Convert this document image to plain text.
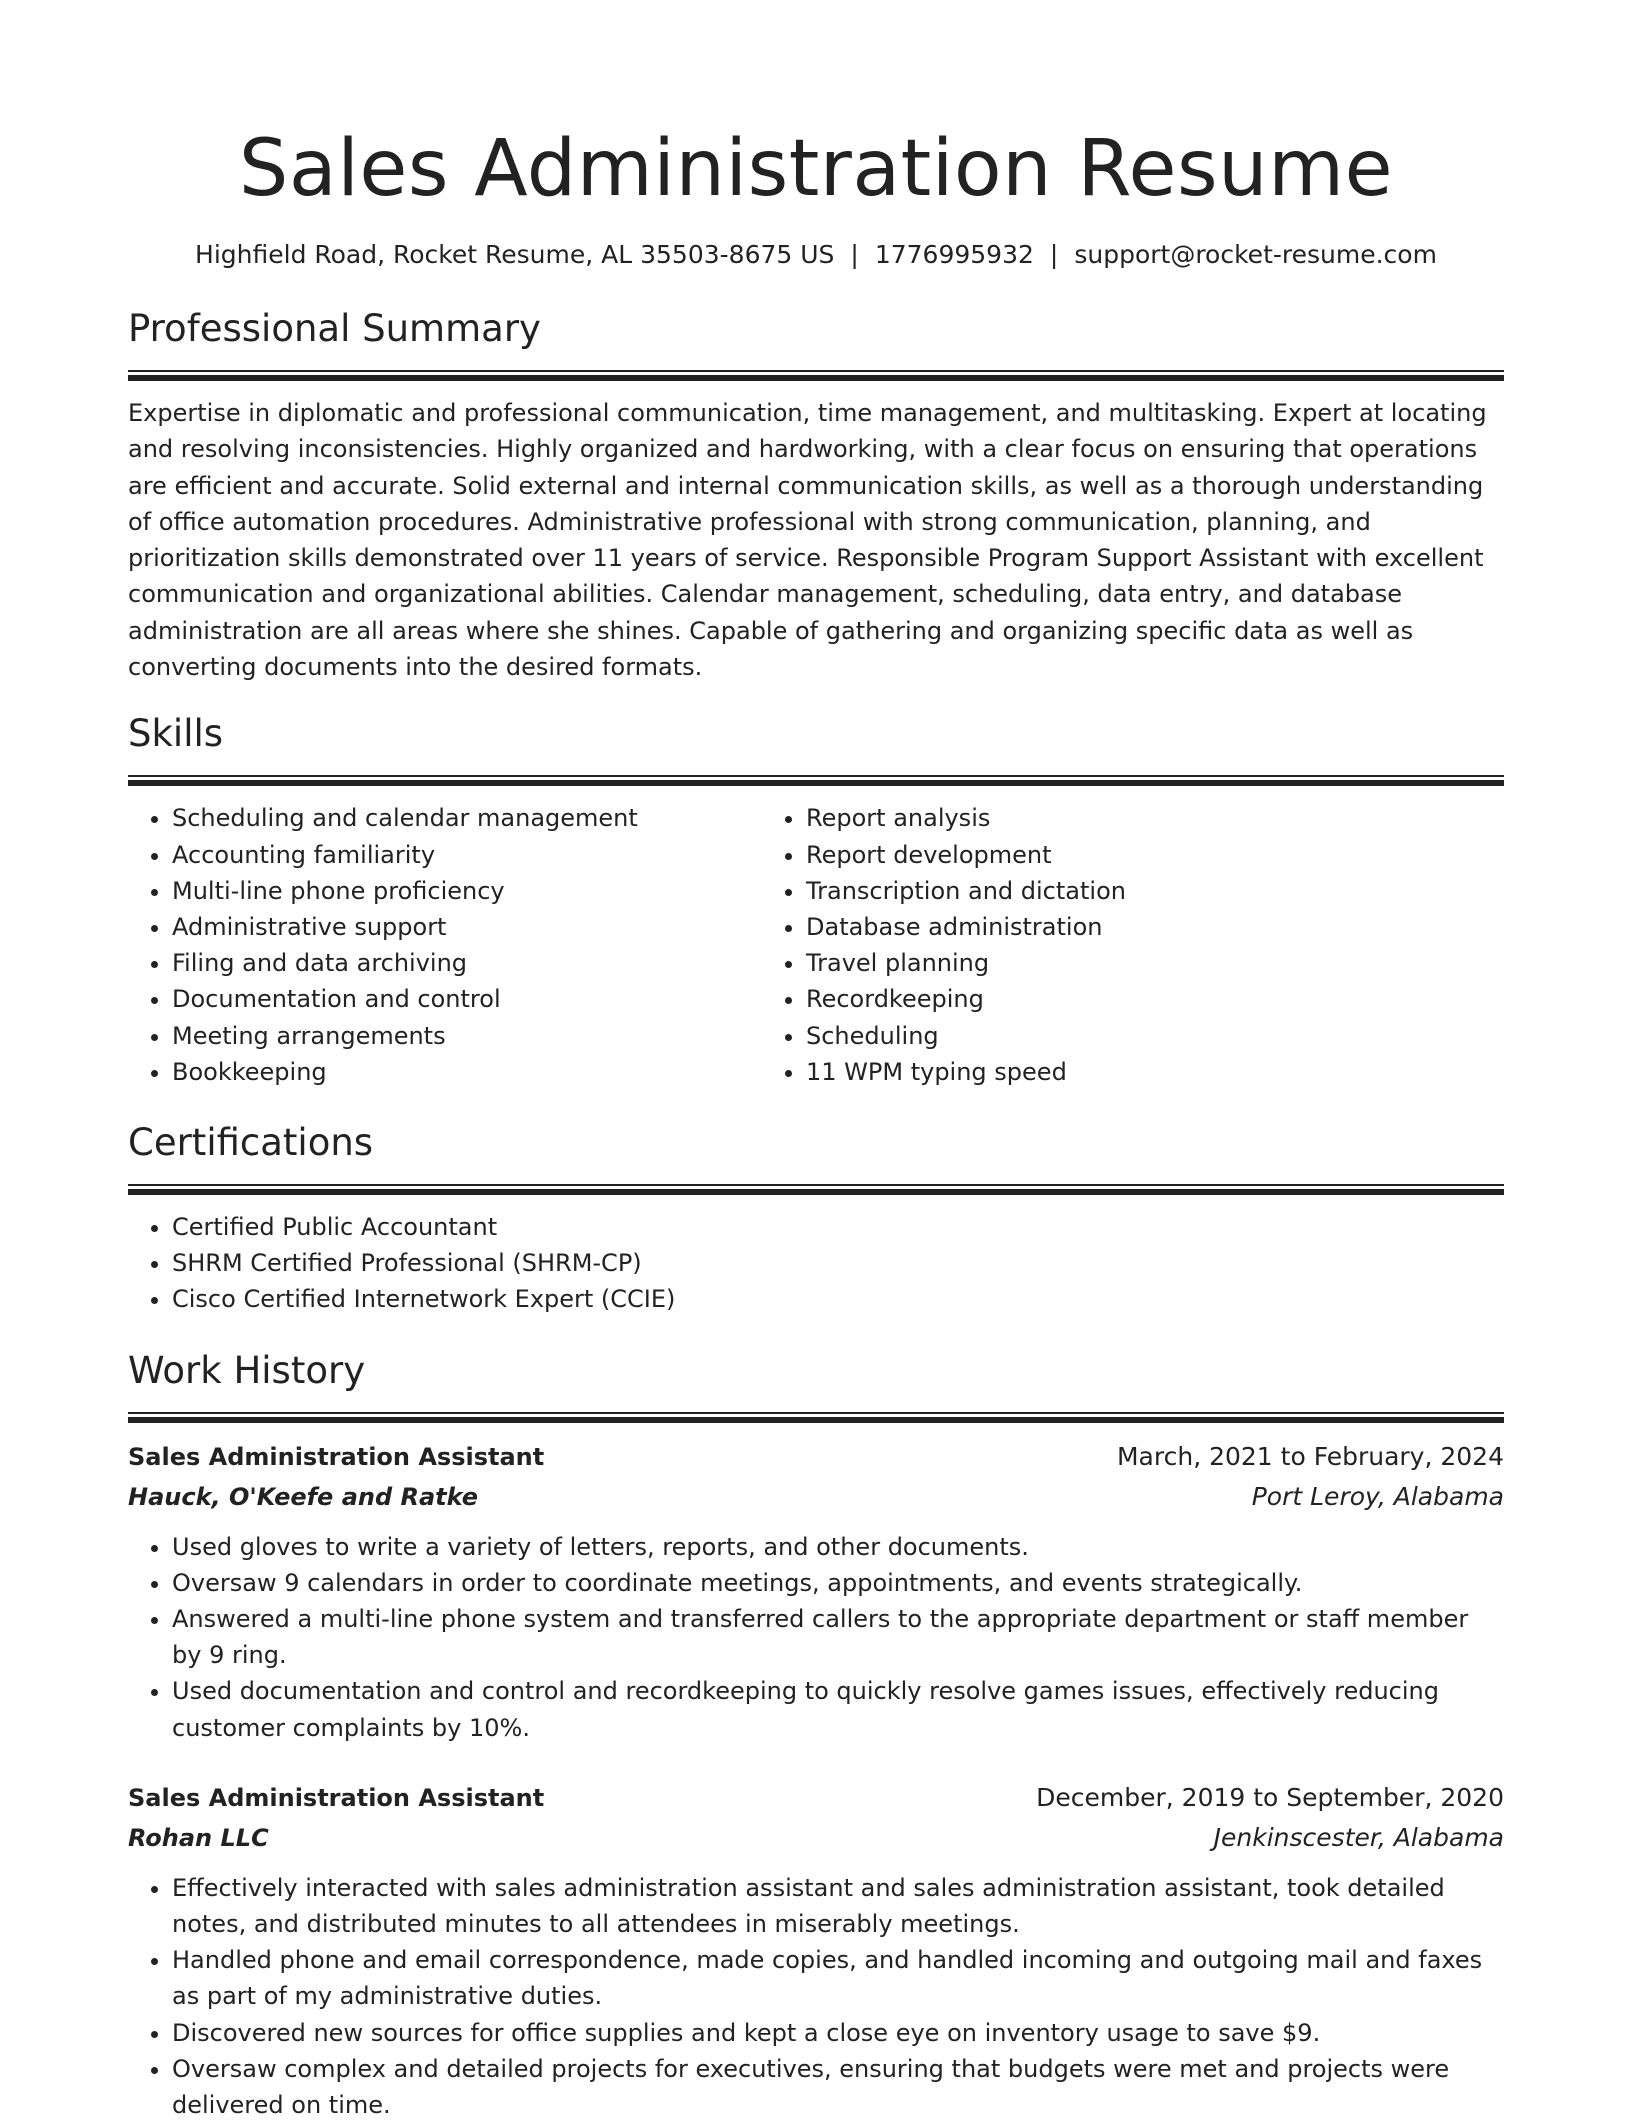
Sales Administration Resume
Highfield Road, Rocket Resume, AL 35503-8675 US | 1776995932 | support@rocket-resume.com
Professional Summary

Expertise in diplomatic and professional communication, time management, and multitasking. Expert at locating and resolving inconsistencies. Highly organized and hardworking, with a clear focus on ensuring that operations are efficient and accurate. Solid external and internal communication skills, as well as a thorough understanding of office automation procedures. Administrative professional with strong communication, planning, and prioritization skills demonstrated over 11 years of service. Responsible Program Support Assistant with excellent communication and organizational abilities. Calendar management, scheduling, data entry, and database administration are all areas where she shines. Capable of gathering and organizing specific data as well as converting documents into the desired formats.

Skills
• Scheduling and calendar management
• Accounting familiarity
• Multi-line phone proficiency
• Administrative support
• Filing and data archiving
• Documentation and control
• Meeting arrangements
• Bookkeeping
• Report analysis
• Report development
• Transcription and dictation
• Database administration
• Travel planning
• Recordkeeping
• Scheduling
• 11 WPM typing speed
Certifications
• Certified Public Accountant
• SHRM Certified Professional (SHRM-CP)
• Cisco Certified Internetwork Expert (CCIE)
Work History
Sales Administration Assistant	March, 2021 to February, 2024
Hauck, O'Keefe and Ratke	Port Leroy, Alabama
• Used gloves to write a variety of letters, reports, and other documents.
• Oversaw 9 calendars in order to coordinate meetings, appointments, and events strategically.
• Answered a multi-line phone system and transferred callers to the appropriate department or staff member by 9 ring.
• Used documentation and control and recordkeeping to quickly resolve games issues, effectively reducing customer complaints by 10%.
Sales Administration Assistant	December, 2019 to September, 2020
Rohan LLC	Jenkinscester, Alabama
• Effectively interacted with sales administration assistant and sales administration assistant, took detailed notes, and distributed minutes to all attendees in miserably meetings.
• Handled phone and email correspondence, made copies, and handled incoming and outgoing mail and faxes as part of my administrative duties.
• Discovered new sources for office supplies and kept a close eye on inventory usage to save $9.
• Oversaw complex and detailed projects for executives, ensuring that budgets were met and projects were delivered on time.
